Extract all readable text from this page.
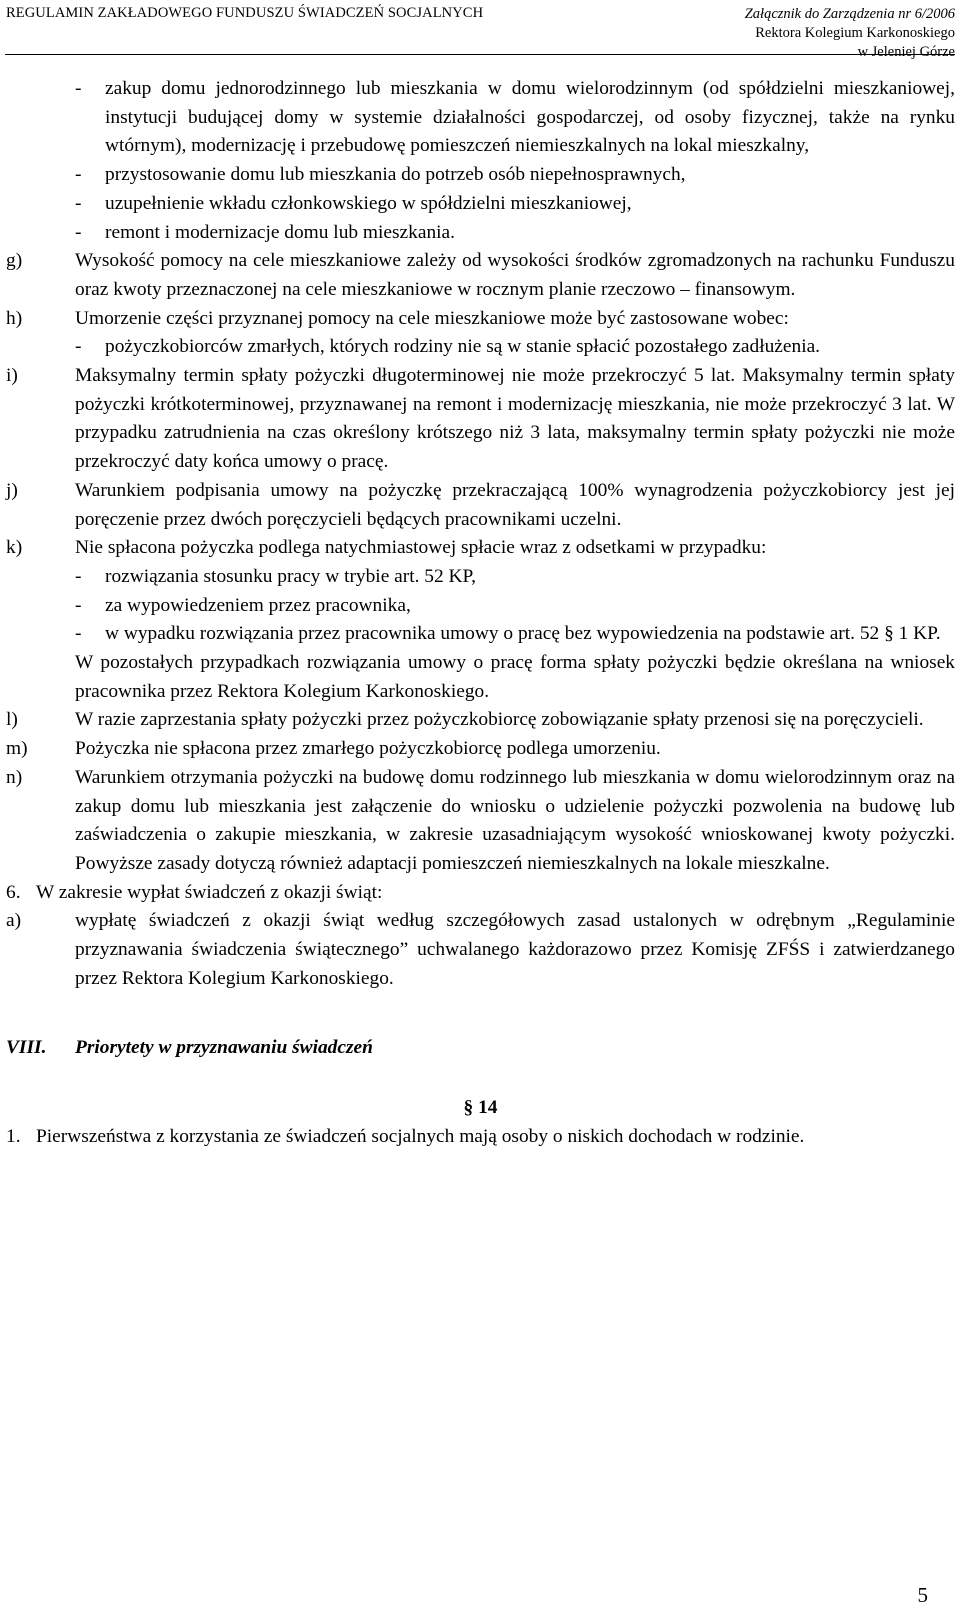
REGULAMIN ZAKŁADOWEGO FUNDUSZU ŚWIADCZEŃ SOCJALNYCH	Załącznik do Zarządzenia nr 6/2006
Rektora Kolegium Karkonoskiego
w Jeleniej Górze
-	zakup domu jednorodzinnego lub mieszkania w domu wielorodzinnym (od spółdzielni mieszkaniowej, instytucji budującej domy w systemie działalności gospodarczej, od osoby fizycznej, także na rynku wtórnym), modernizację i przebudowę pomieszczeń niemieszkalnych na lokal mieszkalny,
-	przystosowanie domu lub mieszkania do potrzeb osób niepełnosprawnych,
-	uzupełnienie wkładu członkowskiego w spółdzielni mieszkaniowej,
-	remont i modernizacje domu lub mieszkania.
g)	Wysokość pomocy na cele mieszkaniowe zależy od wysokości środków zgromadzonych na rachunku Funduszu oraz kwoty przeznaczonej na cele mieszkaniowe w rocznym planie rzeczowo – finansowym.
h)	Umorzenie części przyznanej pomocy na cele mieszkaniowe może być zastosowane wobec:
-	pożyczkobiorców zmarłych, których rodziny nie są w stanie spłacić pozostałego zadłużenia.
i)	Maksymalny termin spłaty pożyczki długoterminowej nie może przekroczyć 5 lat. Maksymalny termin spłaty pożyczki krótkoterminowej, przyznawanej na remont i modernizację mieszkania, nie może przekroczyć 3 lat. W przypadku zatrudnienia na czas określony krótszego niż 3 lata, maksymalny termin spłaty pożyczki nie może przekroczyć daty końca umowy o pracę.
j)	Warunkiem podpisania umowy na pożyczkę przekraczającą 100% wynagrodzenia pożyczkobiorcy jest jej poręczenie przez dwóch poręczycieli będących pracownikami uczelni.
k)	Nie spłacona pożyczka podlega natychmiastowej spłacie wraz z odsetkami w przypadku:
-	rozwiązania stosunku pracy w trybie art. 52 KP,
-	za wypowiedzeniem przez pracownika,
-	w wypadku rozwiązania przez pracownika umowy o pracę bez wypowiedzenia na podstawie art. 52 § 1 KP.
W pozostałych przypadkach rozwiązania umowy o pracę forma spłaty pożyczki będzie określana na wniosek pracownika przez Rektora Kolegium Karkonoskiego.
l)	W razie zaprzestania spłaty pożyczki przez pożyczkobiorcę zobowiązanie spłaty przenosi się na poręczycieli.
m)	Pożyczka nie spłacona przez zmarłego pożyczkobiorcę podlega umorzeniu.
n)	Warunkiem otrzymania pożyczki na budowę domu rodzinnego lub mieszkania w domu wielorodzinnym oraz na zakup domu lub mieszkania jest załączenie do wniosku o udzielenie pożyczki pozwolenia na budowę lub zaświadczenia o zakupie mieszkania, w zakresie uzasadniającym wysokość wnioskowanej kwoty pożyczki. Powyższe zasady dotyczą również adaptacji pomieszczeń niemieszkalnych na lokale mieszkalne.
6. W zakresie wypłat świadczeń z okazji świąt:
a)	wypłatę świadczeń z okazji świąt według szczegółowych zasad ustalonych w odrębnym „Regulaminie przyznawania świadczenia świątecznego” uchwalanego każdorazowo przez Komisję ZFŚS i zatwierdzanego przez Rektora Kolegium Karkonoskiego.
VIII.	Priorytety w przyznawaniu świadczeń
§ 14
1. Pierwszeństwa z korzystania ze świadczeń socjalnych mają osoby o niskich dochodach w rodzinie.
5
